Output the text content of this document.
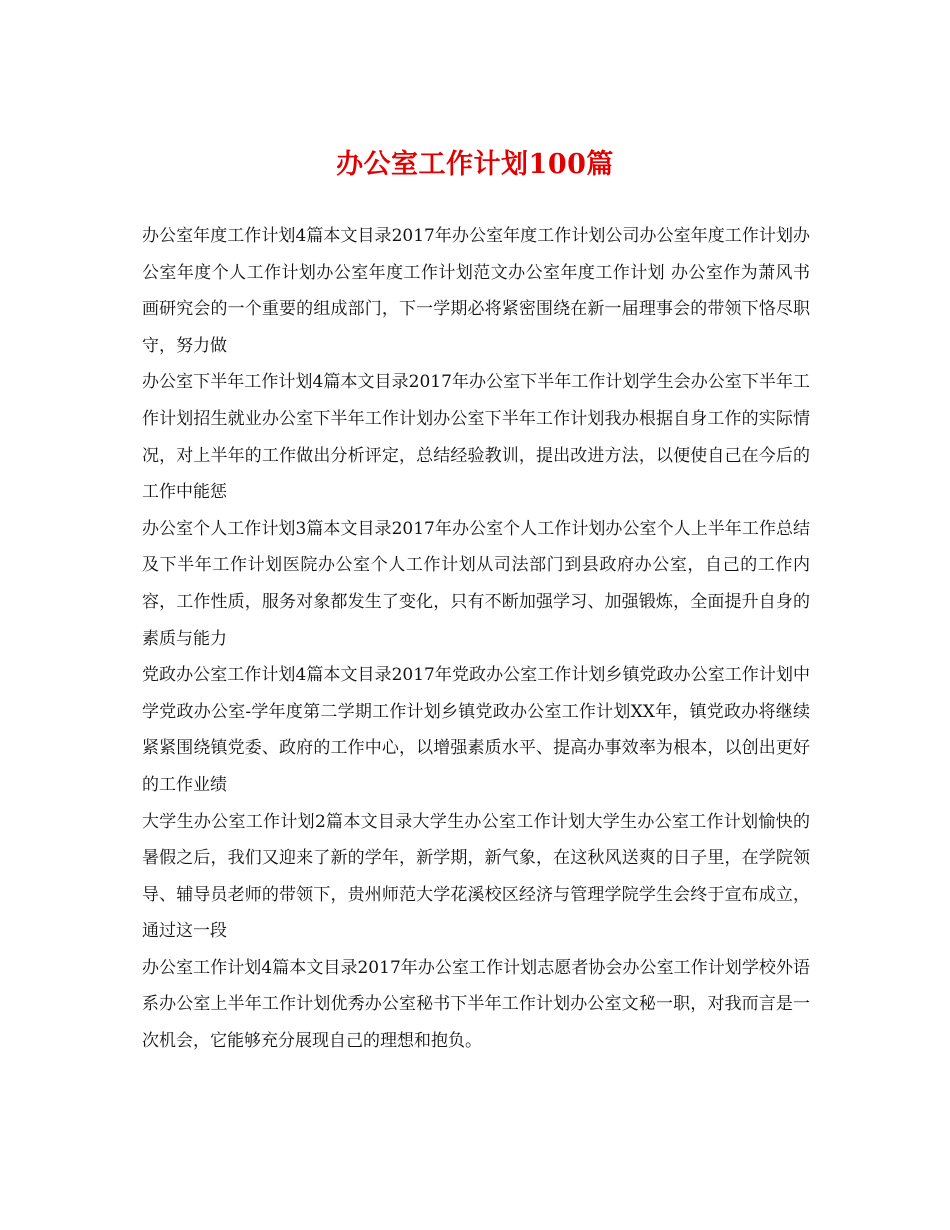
办公室工作计划100篇

办公室年度工作计划4篇本文目录2017年办公室年度工作计划公司办公室年度工作计划办公室年度个人工作计划办公室年度工作计划范文办公室年度工作计划 办公室作为萧风书画研究会的一个重要的组成部门，下一学期必将紧密围绕在新一届理事会的带领下恪尽职守，努力做

办公室下半年工作计划4篇本文目录2017年办公室下半年工作计划学生会办公室下半年工作计划招生就业办公室下半年工作计划办公室下半年工作计划我办根据自身工作的实际情况，对上半年的工作做出分析评定，总结经验教训，提出改进方法，以便使自己在今后的工作中能惩

办公室个人工作计划3篇本文目录2017年办公室个人工作计划办公室个人上半年工作总结及下半年工作计划医院办公室个人工作计划从司法部门到县政府办公室，自己的工作内容，工作性质，服务对象都发生了变化，只有不断加强学习、加强锻炼，全面提升自身的素质与能力

党政办公室工作计划4篇本文目录2017年党政办公室工作计划乡镇党政办公室工作计划中学党政办公室-学年度第二学期工作计划乡镇党政办公室工作计划XX年，镇党政办将继续紧紧围绕镇党委、政府的工作中心，以增强素质水平、提高办事效率为根本，以创出更好的工作业绩

大学生办公室工作计划2篇本文目录大学生办公室工作计划大学生办公室工作计划愉快的暑假之后，我们又迎来了新的学年，新学期，新气象，在这秋风送爽的日子里，在学院领导、辅导员老师的带领下，贵州师范大学花溪校区经济与管理学院学生会终于宣布成立，通过这一段

办公室工作计划4篇本文目录2017年办公室工作计划志愿者协会办公室工作计划学校外语系办公室上半年工作计划优秀办公室秘书下半年工作计划办公室文秘一职，对我而言是一次机会，它能够充分展现自己的理想和抱负。
